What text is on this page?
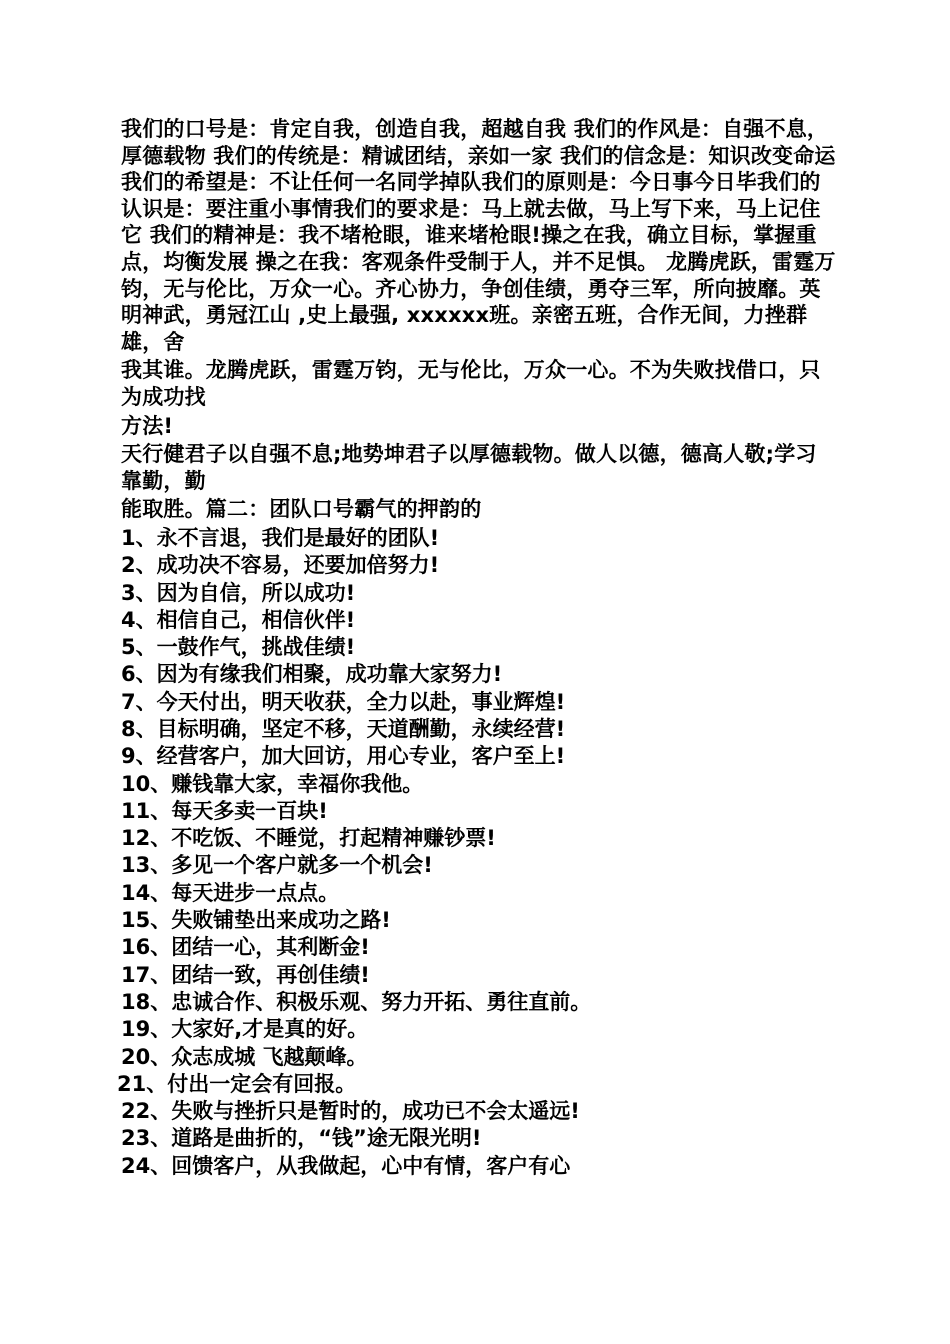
我们的口号是：肯定自我，创造自我，超越自我 我们的作风是：自强不息，厚德载物 我们的传统是：精诚团结，亲如一家 我们的信念是：知识改变命运我们的希望是：不让任何一名同学掉队我们的原则是：今日事今日毕我们的认识是：要注重小事情我们的要求是：马上就去做，马上写下来，马上记住它 我们的精神是：我不堵枪眼，谁来堵枪眼!操之在我，确立目标，掌握重点，均衡发展 操之在我：客观条件受制于人，并不足惧。 龙腾虎跃，雷霆万钧，无与伦比，万众一心。齐心协力，争创佳绩，勇夺三军，所向披靡。英明神武，勇冠江山 ,史上最强, xxxxxx班。亲密五班，合作无间，力挫群雄，舍

我其谁。龙腾虎跃，雷霆万钧，无与伦比，万众一心。不为失败找借口，只为成功找

方法!

天行健君子以自强不息;地势坤君子以厚德载物。做人以德，德高人敬;学习靠勤，勤

能取胜。篇二：团队口号霸气的押韵的

1、永不言退，我们是最好的团队!
2、成功决不容易，还要加倍努力!
3、因为自信，所以成功!
4、相信自己，相信伙伴!
5、一鼓作气，挑战佳绩!
6、因为有缘我们相聚，成功靠大家努力!
7、今天付出，明天收获，全力以赴，事业辉煌!
8、目标明确，坚定不移，天道酬勤，永续经营!
9、经营客户，加大回访，用心专业，客户至上!
10、赚钱靠大家，幸福你我他。
11、每天多卖一百块!
12、不吃饭、不睡觉，打起精神赚钞票!
13、多见一个客户就多一个机会!
14、每天进步一点点。
15、失败铺垫出来成功之路!
16、团结一心，其利断金!
17、团结一致，再创佳绩!
18、忠诚合作、积极乐观、努力开拓、勇往直前。
19、大家好,才是真的好。
20、众志成城 飞越颠峰。
21、付出一定会有回报。
22、失败与挫折只是暂时的，成功已不会太遥远!
23、道路是曲折的，“钱”途无限光明!
24、回馈客户，从我做起，心中有情，客户有心
